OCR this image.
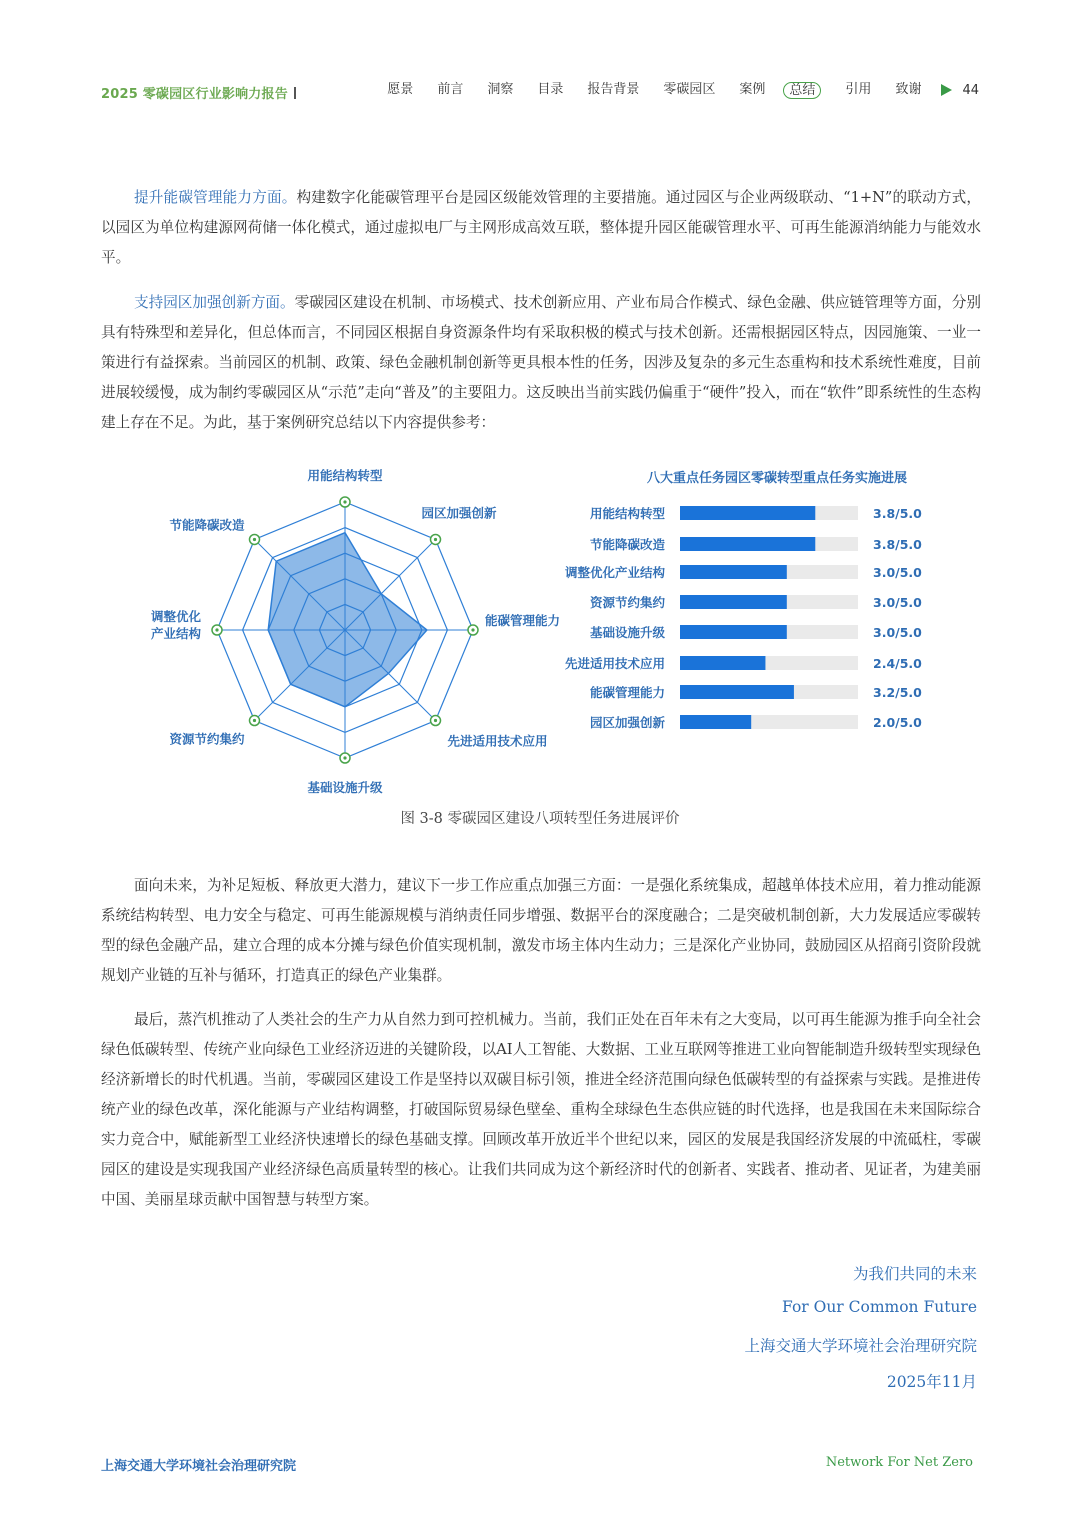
2025 零碳园区行业影响力报告	愿景 前言 洞察 目录 报告背景 零碳园区 案例	总结	引用 致谢	44

提升能碳管理能力方面。构建数字化能碳管理平台是园区级能效管理的主要措施。通过园区与企业两级联动、“1+N”的联动方式，以园区为单位构建源网荷储一体化模式，通过虚拟电厂与主网形成高效互联，整体提升园区能碳管理水平、可再生能源消纳能力与能效水平。

支持园区加强创新方面。零碳园区建设在机制、市场模式、技术创新应用、产业布局合作模式、绿色金融、供应链管理等方面，分别具有特殊型和差异化，但总体而言，不同园区根据自身资源条件均有采取积极的模式与技术创新。还需根据园区特点，因园施策、一业一策进行有益探索。当前园区的机制、政策、绿色金融机制创新等更具根本性的任务，因涉及复杂的多元生态重构和技术系统性难度，目前进展较缓慢，成为制约零碳园区从“示范”走向“普及”的主要阻力。这反映出当前实践仍偏重于“硬件”投入，而在“软件”即系统性的生态构建上存在不足。为此，基于案例研究总结以下内容提供参考：

用能结构转型
园区加强创新
能碳管理能力
先进适用技术应用
基础设施升级
资源节约集约
调整优化
产业结构
节能降碳改造
八大重点任务园区零碳转型重点任务实施进展
用能结构转型	3.8/5.0
节能降碳改造	3.8/5.0
调整优化产业结构	3.0/5.0
资源节约集约	3.0/5.0
基础设施升级	3.0/5.0
先进适用技术应用	2.4/5.0
能碳管理能力	3.2/5.0
园区加强创新	2.0/5.0
图 3-8 零碳园区建设八项转型任务进展评价

面向未来，为补足短板、释放更大潜力，建议下一步工作应重点加强三方面：一是强化系统集成，超越单体技术应用，着力推动能源系统结构转型、电力安全与稳定、可再生能源规模与消纳责任同步增强、数据平台的深度融合；二是突破机制创新，大力发展适应零碳转型的绿色金融产品，建立合理的成本分摊与绿色价值实现机制，激发市场主体内生动力；三是深化产业协同，鼓励园区从招商引资阶段就规划产业链的互补与循环，打造真正的绿色产业集群。

最后，蒸汽机推动了人类社会的生产力从自然力到可控机械力。当前，我们正处在百年未有之大变局，以可再生能源为推手向全社会绿色低碳转型、传统产业向绿色工业经济迈进的关键阶段，以AI人工智能、大数据、工业互联网等推进工业向智能制造升级转型实现绿色经济新增长的时代机遇。当前，零碳园区建设工作是坚持以双碳目标引领，推进全经济范围向绿色低碳转型的有益探索与实践。是推进传统产业的绿色改革，深化能源与产业结构调整，打破国际贸易绿色壁垒、重构全球绿色生态供应链的时代选择，也是我国在未来国际综合实力竞合中，赋能新型工业经济快速增长的绿色基础支撑。回顾改革开放近半个世纪以来，园区的发展是我国经济发展的中流砥柱，零碳园区的建设是实现我国产业经济绿色高质量转型的核心。让我们共同成为这个新经济时代的创新者、实践者、推动者、见证者，为建美丽中国、美丽星球贡献中国智慧与转型方案。

为我们共同的未来
For Our Common Future
上海交通大学环境社会治理研究院
2025年11月
上海交通大学环境社会治理研究院	Network For Net Zero
